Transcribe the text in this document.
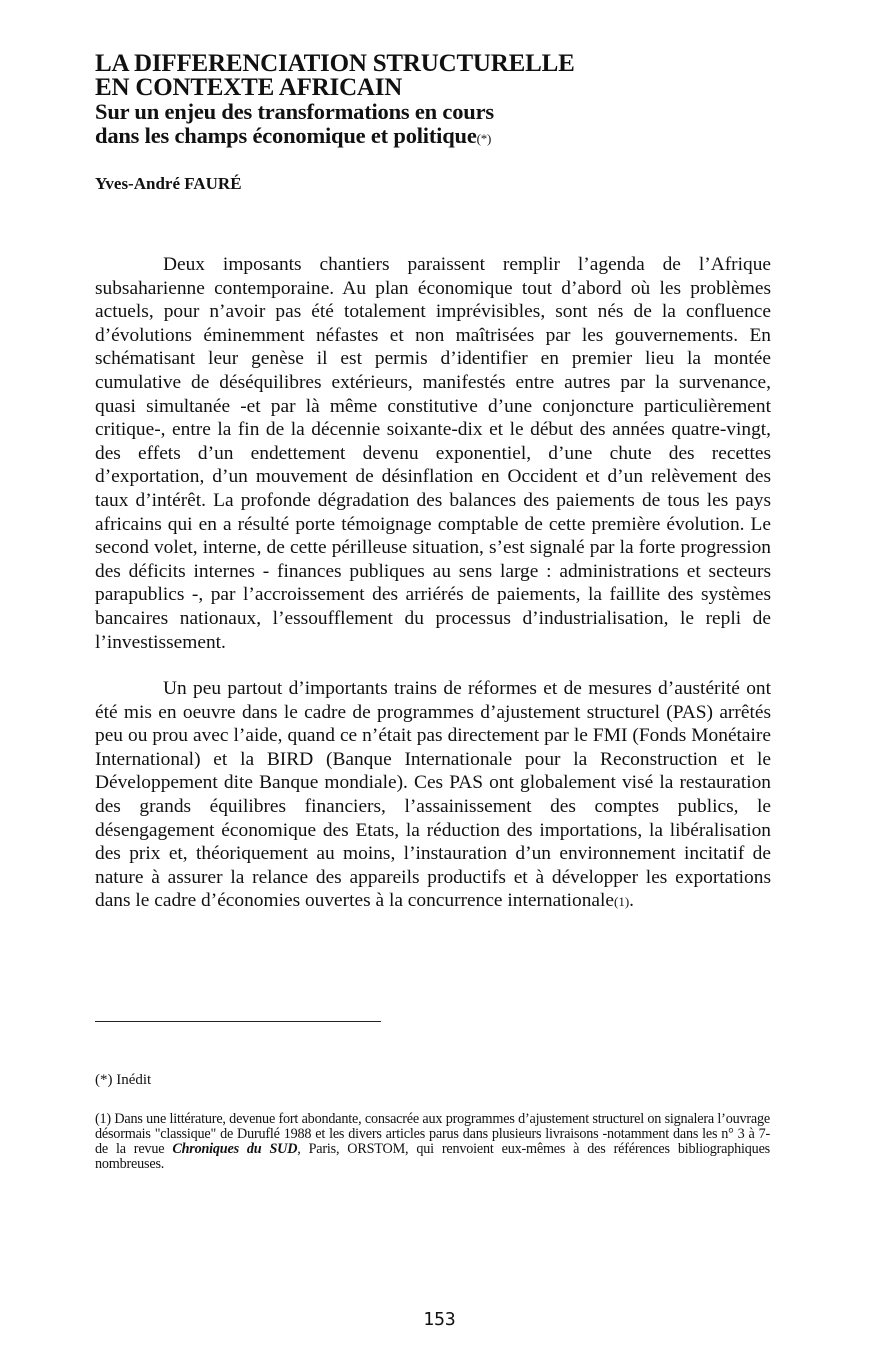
LA DIFFERENCIATION STRUCTURELLE
EN CONTEXTE AFRICAIN
Sur un enjeu des transformations en cours
dans les champs économique et politique(*)
Yves-André FAURÉ

Deux imposants chantiers paraissent remplir l’agenda de l’Afrique subsaharienne contemporaine. Au plan économique tout d’abord où les problèmes actuels, pour n’avoir pas été totalement imprévisibles, sont nés de la confluence d’évolutions éminemment néfastes et non maîtrisées par les gouvernements. En schématisant leur genèse il est permis d’identifier en premier lieu la montée cumulative de déséquilibres extérieurs, manifestés entre autres par la survenance, quasi simultanée -et par là même constitutive d’une conjoncture particulièrement critique-, entre la fin de la décennie soixante-dix et le début des années quatre-vingt, des effets d’un endettement devenu exponentiel, d’une chute des recettes d’exportation, d’un mouvement de désinflation en Occident et d’un relèvement des taux d’intérêt. La profonde dégradation des balances des paiements de tous les pays africains qui en a résulté porte témoignage comptable de cette première évolution. Le second volet, interne, de cette périlleuse situation, s’est signalé par la forte progression des déficits internes - finances publiques au sens large : administrations et secteurs parapublics -, par l’accroissement des arriérés de paiements, la faillite des systèmes bancaires nationaux, l’essoufflement du processus d’industrialisation, le repli de l’investissement.

Un peu partout d’importants trains de réformes et de mesures d’austérité ont été mis en oeuvre dans le cadre de programmes d’ajustement structurel (PAS) arrêtés peu ou prou avec l’aide, quand ce n’était pas directement par le FMI (Fonds Monétaire International) et la BIRD (Banque Internationale pour la Reconstruction et le Développement dite Banque mondiale). Ces PAS ont globalement visé la restauration des grands équilibres financiers, l’assainissement des comptes publics, le désengagement économique des Etats, la réduction des importations, la libéralisation des prix et, théoriquement au moins, l’instauration d’un environnement incitatif de nature à assurer la relance des appareils productifs et à développer les exportations dans le cadre d’économies ouvertes à la concurrence internationale(1).

(*) Inédit
(1) Dans une littérature, devenue fort abondante, consacrée aux programmes d’ajustement structurel on signalera l’ouvrage désormais "classique" de Duruflé 1988 et les divers articles parus dans plusieurs livraisons -notamment dans les n° 3 à 7- de la revue Chroniques du SUD, Paris, ORSTOM, qui renvoient eux-mêmes à des références bibliographiques nombreuses.
153
